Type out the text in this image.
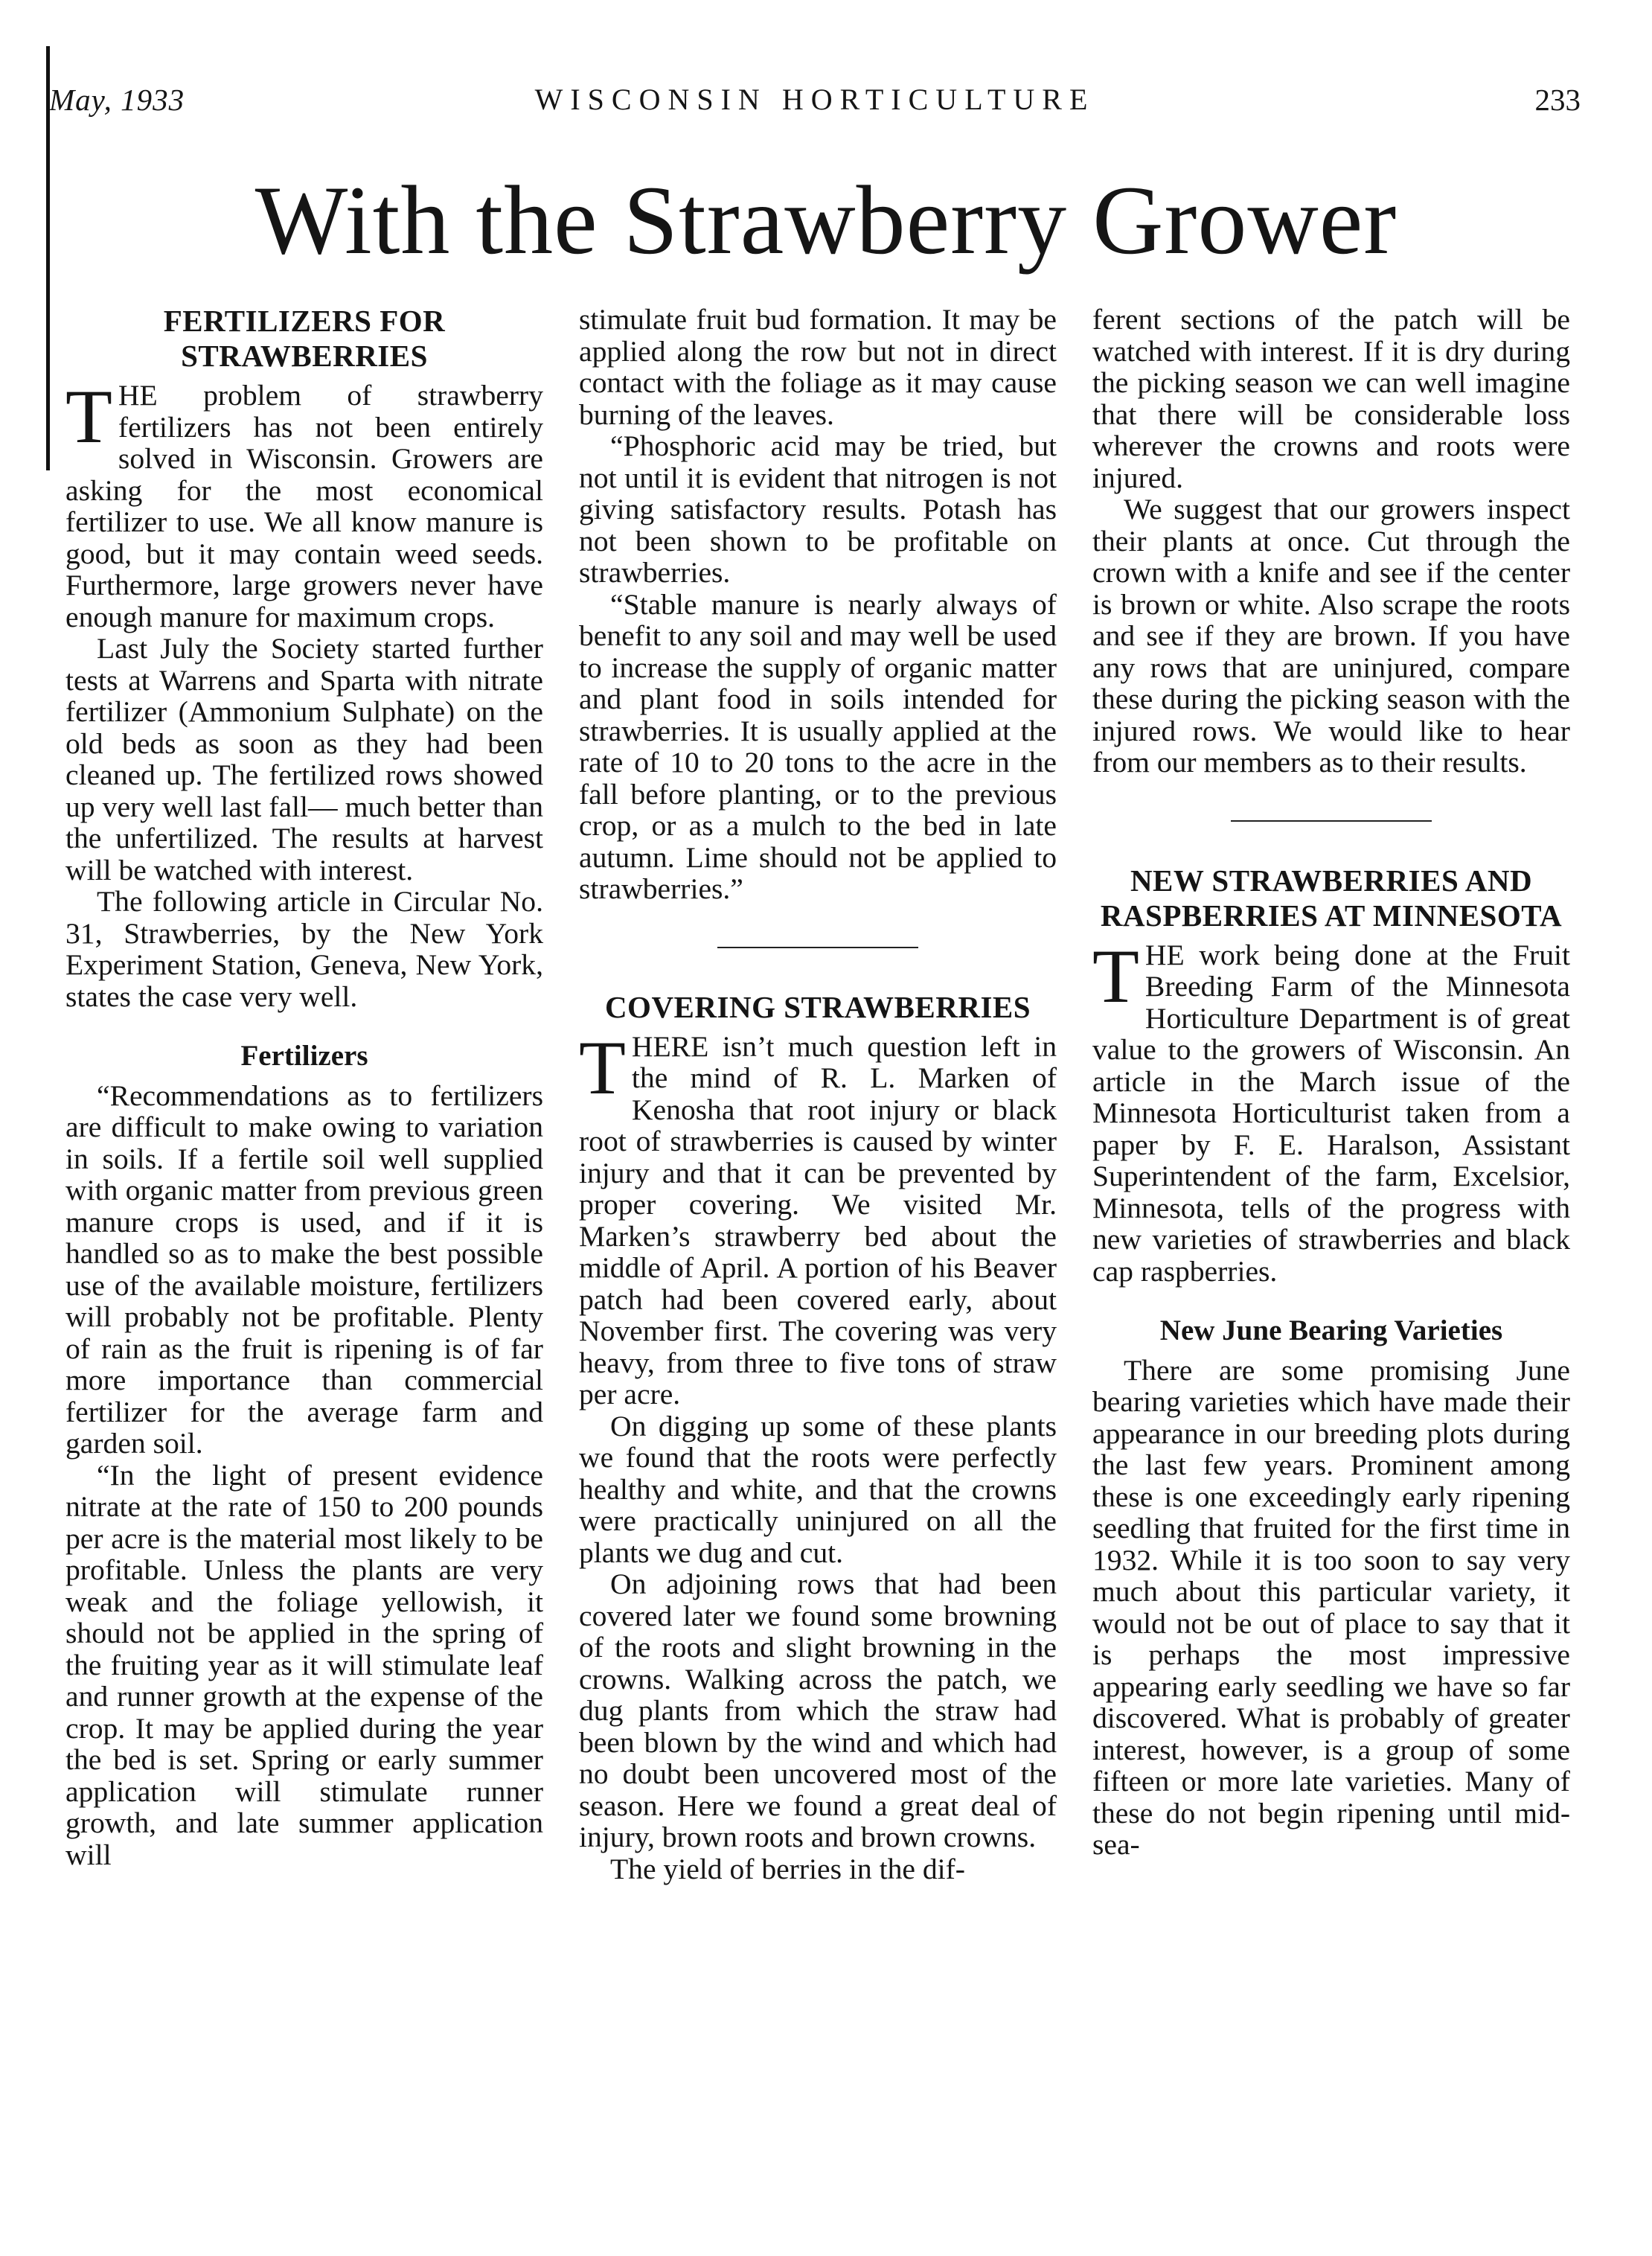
May, 1933	WISCONSIN HORTICULTURE	233
With the Strawberry Grower
FERTILIZERS FOR STRAWBERRIES

THE problem of strawberry fertilizers has not been entirely solved in Wisconsin. Growers are asking for the most economical fertilizer to use. We all know manure is good, but it may contain weed seeds. Furthermore, large growers never have enough manure for maximum crops.

Last July the Society started further tests at Warrens and Sparta with nitrate fertilizer (Ammonium Sulphate) on the old beds as soon as they had been cleaned up. The fertilized rows showed up very well last fall— much better than the unfertilized. The results at harvest will be watched with interest.

The following article in Circular No. 31, Strawberries, by the New York Experiment Station, Geneva, New York, states the case very well.

Fertilizers

“Recommendations as to fertilizers are difficult to make owing to variation in soils. If a fertile soil well supplied with organic matter from previous green manure crops is used, and if it is handled so as to make the best possible use of the available moisture, fertilizers will probably not be profitable. Plenty of rain as the fruit is ripening is of far more importance than commercial fertilizer for the average farm and garden soil.

“In the light of present evidence nitrate at the rate of 150 to 200 pounds per acre is the material most likely to be profitable. Unless the plants are very weak and the foliage yellowish, it should not be applied in the spring of the fruiting year as it will stimulate leaf and runner growth at the expense of the crop. It may be applied during the year the bed is set. Spring or early summer application will stimulate runner growth, and late summer application will

stimulate fruit bud formation. It may be applied along the row but not in direct contact with the foliage as it may cause burning of the leaves.

“Phosphoric acid may be tried, but not until it is evident that nitrogen is not giving satisfactory results. Potash has not been shown to be profitable on strawberries.

“Stable manure is nearly always of benefit to any soil and may well be used to increase the supply of organic matter and plant food in soils intended for strawberries. It is usually applied at the rate of 10 to 20 tons to the acre in the fall before planting, or to the previous crop, or as a mulch to the bed in late autumn. Lime should not be applied to strawberries.”

COVERING STRAWBERRIES

THERE isn’t much question left in the mind of R. L. Marken of Kenosha that root injury or black root of strawberries is caused by winter injury and that it can be prevented by proper covering. We visited Mr. Marken’s strawberry bed about the middle of April. A portion of his Beaver patch had been covered early, about November first. The covering was very heavy, from three to five tons of straw per acre.

On digging up some of these plants we found that the roots were perfectly healthy and white, and that the crowns were practically uninjured on all the plants we dug and cut.

On adjoining rows that had been covered later we found some browning of the roots and slight browning in the crowns. Walking across the patch, we dug plants from which the straw had been blown by the wind and which had no doubt been uncovered most of the season. Here we found a great deal of injury, brown roots and brown crowns.

The yield of berries in the dif-

ferent sections of the patch will be watched with interest. If it is dry during the picking season we can well imagine that there will be considerable loss wherever the crowns and roots were injured.

We suggest that our growers inspect their plants at once. Cut through the crown with a knife and see if the center is brown or white. Also scrape the roots and see if they are brown. If you have any rows that are uninjured, compare these during the picking season with the injured rows. We would like to hear from our members as to their results.

NEW STRAWBERRIES AND RASPBERRIES AT MINNESOTA

THE work being done at the Fruit Breeding Farm of the Minnesota Horticulture Department is of great value to the growers of Wisconsin. An article in the March issue of the Minnesota Horticulturist taken from a paper by F. E. Haralson, Assistant Superintendent of the farm, Excelsior, Minnesota, tells of the progress with new varieties of strawberries and black cap raspberries.

New June Bearing Varieties

There are some promising June bearing varieties which have made their appearance in our breeding plots during the last few years. Prominent among these is one exceedingly early ripening seedling that fruited for the first time in 1932. While it is too soon to say very much about this particular variety, it would not be out of place to say that it is perhaps the most impressive appearing early seedling we have so far discovered. What is probably of greater interest, however, is a group of some fifteen or more late varieties. Many of these do not begin ripening until mid-sea-
